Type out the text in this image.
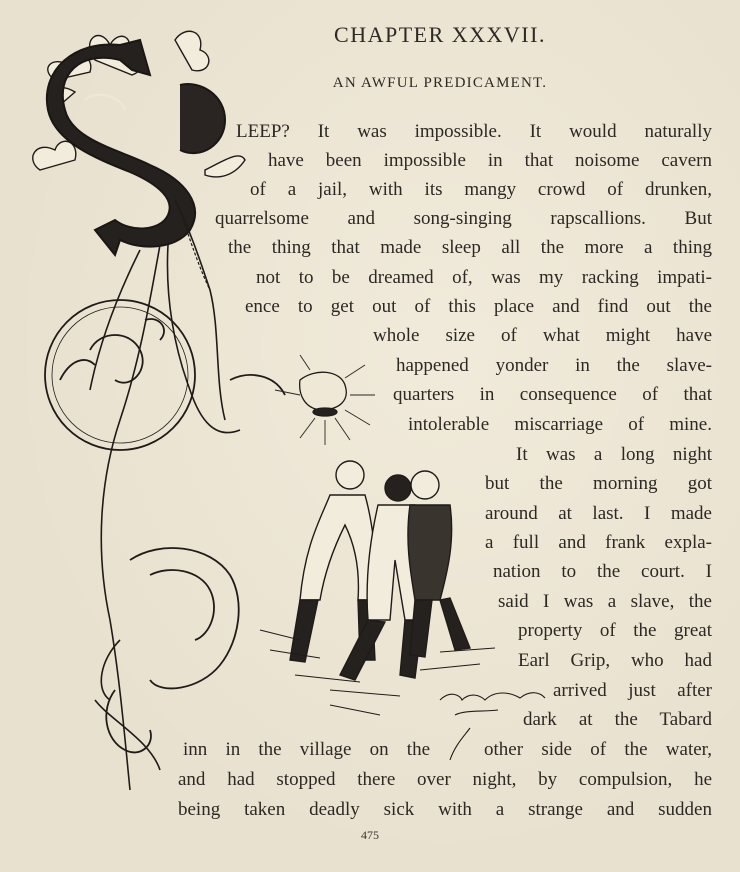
CHAPTER XXXVII.
AN AWFUL PREDICAMENT.
LEEP? It was impossible. It would naturally
have been impossible in that noisome cavern
of a jail, with its mangy crowd of drunken,
quarrelsome and song-singing rapscallions. But
the thing that made sleep all the more a thing
not to be dreamed of, was my racking impati-
ence to get out of this place and find out the
whole size of what might have
happened yonder in the slave-
quarters in consequence of that
intolerable miscarriage of mine.
It was a long night
but the morning got
around at last. I made
a full and frank expla-
nation to the court. I
said I was a slave, the
property of the great
Earl Grip, who had
arrived just after
dark at the Tabard
inn in the village on the	other side of the water,
and had stopped there over night, by compulsion, he
being taken deadly sick with a strange and sudden
475
